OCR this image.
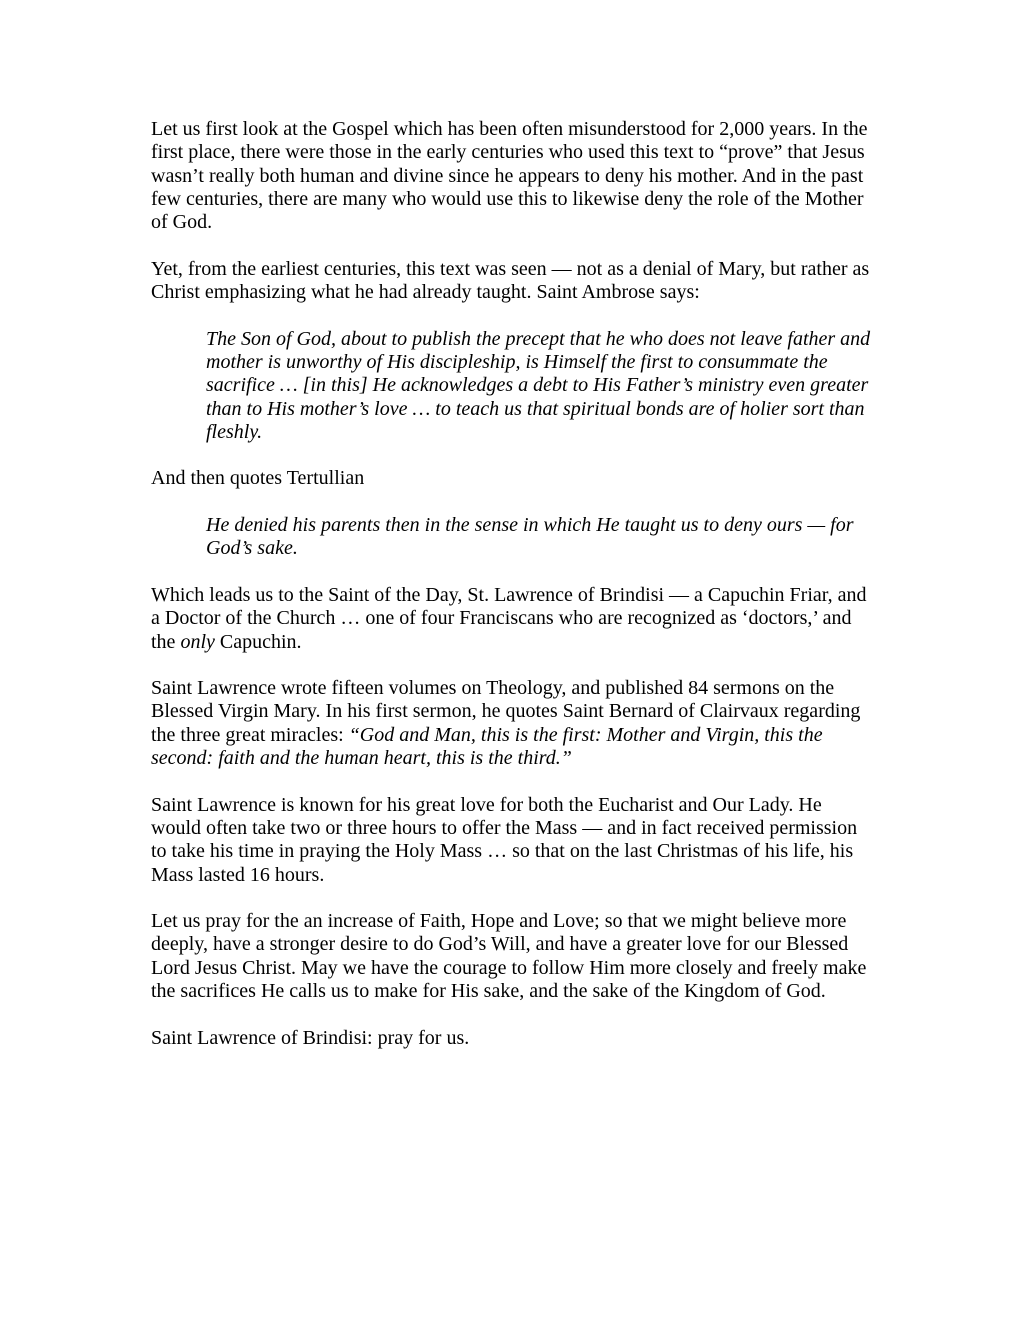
Let us first look at the Gospel which has been often misunderstood for 2,000 years. In the first place, there were those in the early centuries who used this text to “prove” that Jesus wasn’t really both human and divine since he appears to deny his mother. And in the past few centuries, there are many who would use this to likewise deny the role of the Mother of God.

Yet, from the earliest centuries, this text was seen — not as a denial of Mary, but rather as Christ emphasizing what he had already taught. Saint Ambrose says:

The Son of God, about to publish the precept that he who does not leave father and mother is unworthy of His discipleship, is Himself the first to consummate the sacrifice … [in this] He acknowledges a debt to His Father’s ministry even greater than to His mother’s love … to teach us that spiritual bonds are of holier sort than fleshly.

And then quotes Tertullian

He denied his parents then in the sense in which He taught us to deny ours — for God’s sake.

Which leads us to the Saint of the Day, St. Lawrence of Brindisi — a Capuchin Friar, and a Doctor of the Church … one of four Franciscans who are recognized as ‘doctors,’ and the only Capuchin.

Saint Lawrence wrote fifteen volumes on Theology, and published 84 sermons on the Blessed Virgin Mary. In his first sermon, he quotes Saint Bernard of Clairvaux regarding the three great miracles: “God and Man, this is the first: Mother and Virgin, this the second: faith and the human heart, this is the third.”

Saint Lawrence is known for his great love for both the Eucharist and Our Lady. He would often take two or three hours to offer the Mass — and in fact received permission to take his time in praying the Holy Mass … so that on the last Christmas of his life, his Mass lasted 16 hours.

Let us pray for the an increase of Faith, Hope and Love; so that we might believe more deeply, have a stronger desire to do God’s Will, and have a greater love for our Blessed Lord Jesus Christ. May we have the courage to follow Him more closely and freely make the sacrifices He calls us to make for His sake, and the sake of the Kingdom of God.

Saint Lawrence of Brindisi: pray for us.
